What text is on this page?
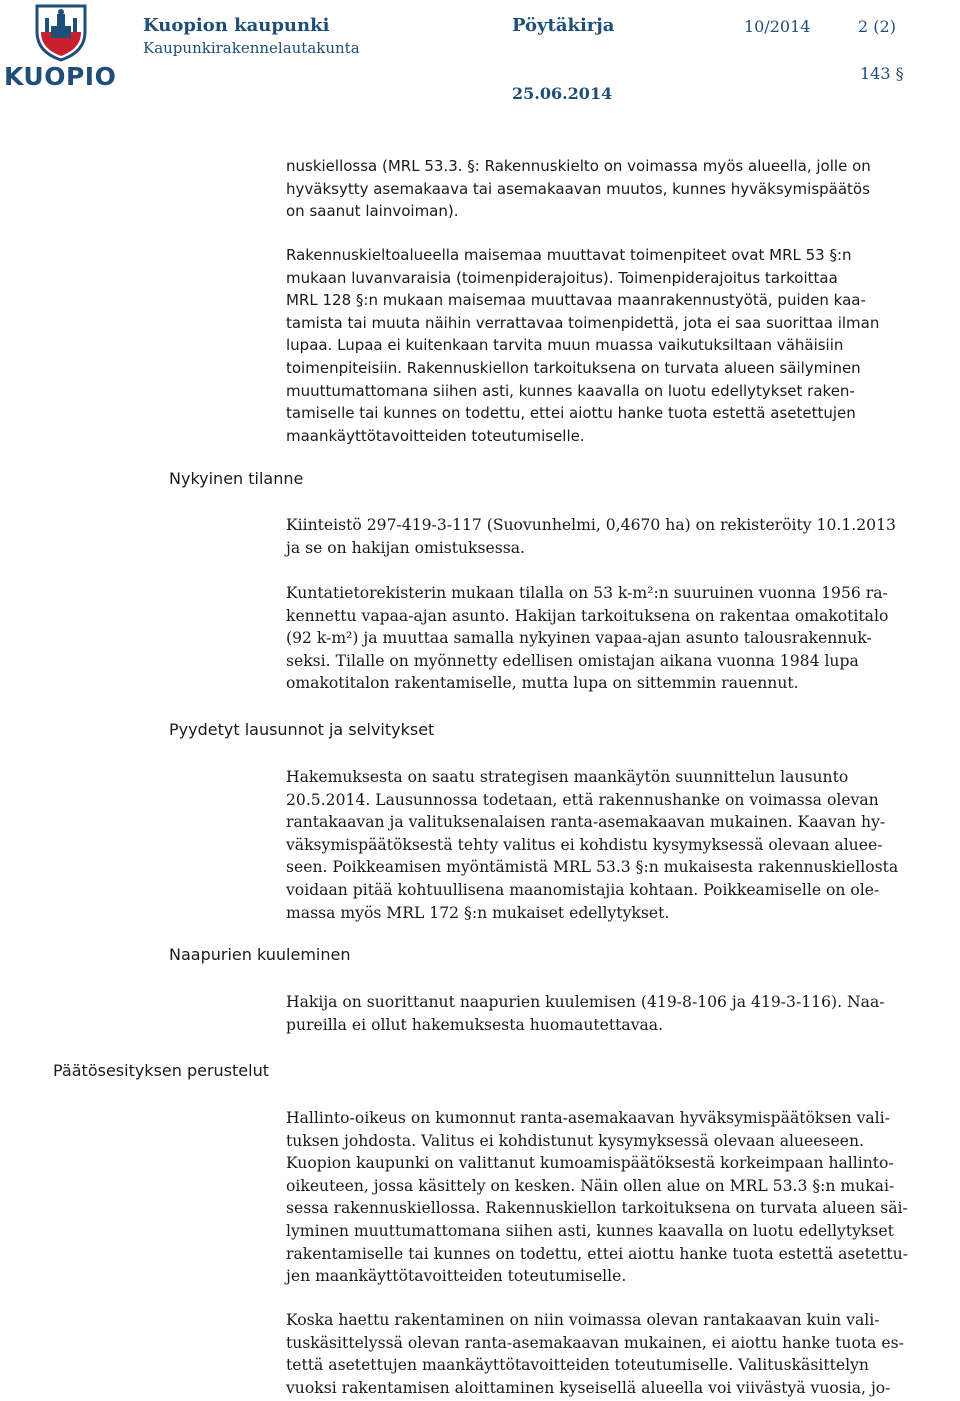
KUOPIO
Kuopion kaupunki
Kaupunkirakennelautakunta
Pöytäkirja	10/2014	2 (2)
143 §
25.06.2014
Nykyinen tilanne
Pyydetyt lausunnot ja selvitykset
Naapurien kuuleminen
Päätösesityksen perustelut
nuskiellossa (MRL 53.3. §: Rakennuskielto on voimassa myös alueella, jolle on
hyväksytty asemakaava tai asemakaavan muutos, kunnes hyväksymispäätös
on saanut lainvoiman).
Rakennuskieltoalueella maisemaa muuttavat toimenpiteet ovat MRL 53 §:n
mukaan luvanvaraisia (toimenpiderajoitus). Toimenpiderajoitus tarkoittaa
MRL 128 §:n mukaan maisemaa muuttavaa maanrakennustyötä, puiden kaa-
tamista tai muuta näihin verrattavaa toimenpidettä, jota ei saa suorittaa ilman
lupaa. Lupaa ei kuitenkaan tarvita muun muassa vaikutuksiltaan vähäisiin
toimenpiteisiin. Rakennuskiellon tarkoituksena on turvata alueen säilyminen
muuttumattomana siihen asti, kunnes kaavalla on luotu edellytykset raken-
tamiselle tai kunnes on todettu, ettei aiottu hanke tuota estettä asetettujen
maankäyttötavoitteiden toteutumiselle.
Kiinteistö 297-419-3-117 (Suovunhelmi, 0,4670 ha) on rekisteröity 10.1.2013
ja se on hakijan omistuksessa.
Kuntatietorekisterin mukaan tilalla on 53 k-m²:n suuruinen vuonna 1956 ra-
kennettu vapaa-ajan asunto. Hakijan tarkoituksena on rakentaa omakotitalo
(92 k-m²) ja muuttaa samalla nykyinen vapaa-ajan asunto talousrakennuk-
seksi. Tilalle on myönnetty edellisen omistajan aikana vuonna 1984 lupa
omakotitalon rakentamiselle, mutta lupa on sittemmin rauennut.
Hakemuksesta on saatu strategisen maankäytön suunnittelun lausunto
20.5.2014. Lausunnossa todetaan, että rakennushanke on voimassa olevan
rantakaavan ja valituksenalaisen ranta-asemakaavan mukainen. Kaavan hy-
väksymispäätöksestä tehty valitus ei kohdistu kysymyksessä olevaan aluee-
seen. Poikkeamisen myöntämistä MRL 53.3 §:n mukaisesta rakennuskiellosta
voidaan pitää kohtuullisena maanomistajia kohtaan. Poikkeamiselle on ole-
massa myös MRL 172 §:n mukaiset edellytykset.
Hakija on suorittanut naapurien kuulemisen (419-8-106 ja 419-3-116). Naa-
pureilla ei ollut hakemuksesta huomautettavaa.
Hallinto-oikeus on kumonnut ranta-asemakaavan hyväksymispäätöksen vali-
tuksen johdosta. Valitus ei kohdistunut kysymyksessä olevaan alueeseen.
Kuopion kaupunki on valittanut kumoamispäätöksestä korkeimpaan hallinto-
oikeuteen, jossa käsittely on kesken. Näin ollen alue on MRL 53.3 §:n mukai-
sessa rakennuskiellossa. Rakennuskiellon tarkoituksena on turvata alueen säi-
lyminen muuttumattomana siihen asti, kunnes kaavalla on luotu edellytykset
rakentamiselle tai kunnes on todettu, ettei aiottu hanke tuota estettä asetettu-
jen maankäyttötavoitteiden toteutumiselle.
Koska haettu rakentaminen on niin voimassa olevan rantakaavan kuin vali-
tuskäsittelyssä olevan ranta-asemakaavan mukainen, ei aiottu hanke tuota es-
tettä asetettujen maankäyttötavoitteiden toteutumiselle. Valituskäsittelyn
vuoksi rakentamisen aloittaminen kyseisellä alueella voi viivästyä vuosia, jo-
